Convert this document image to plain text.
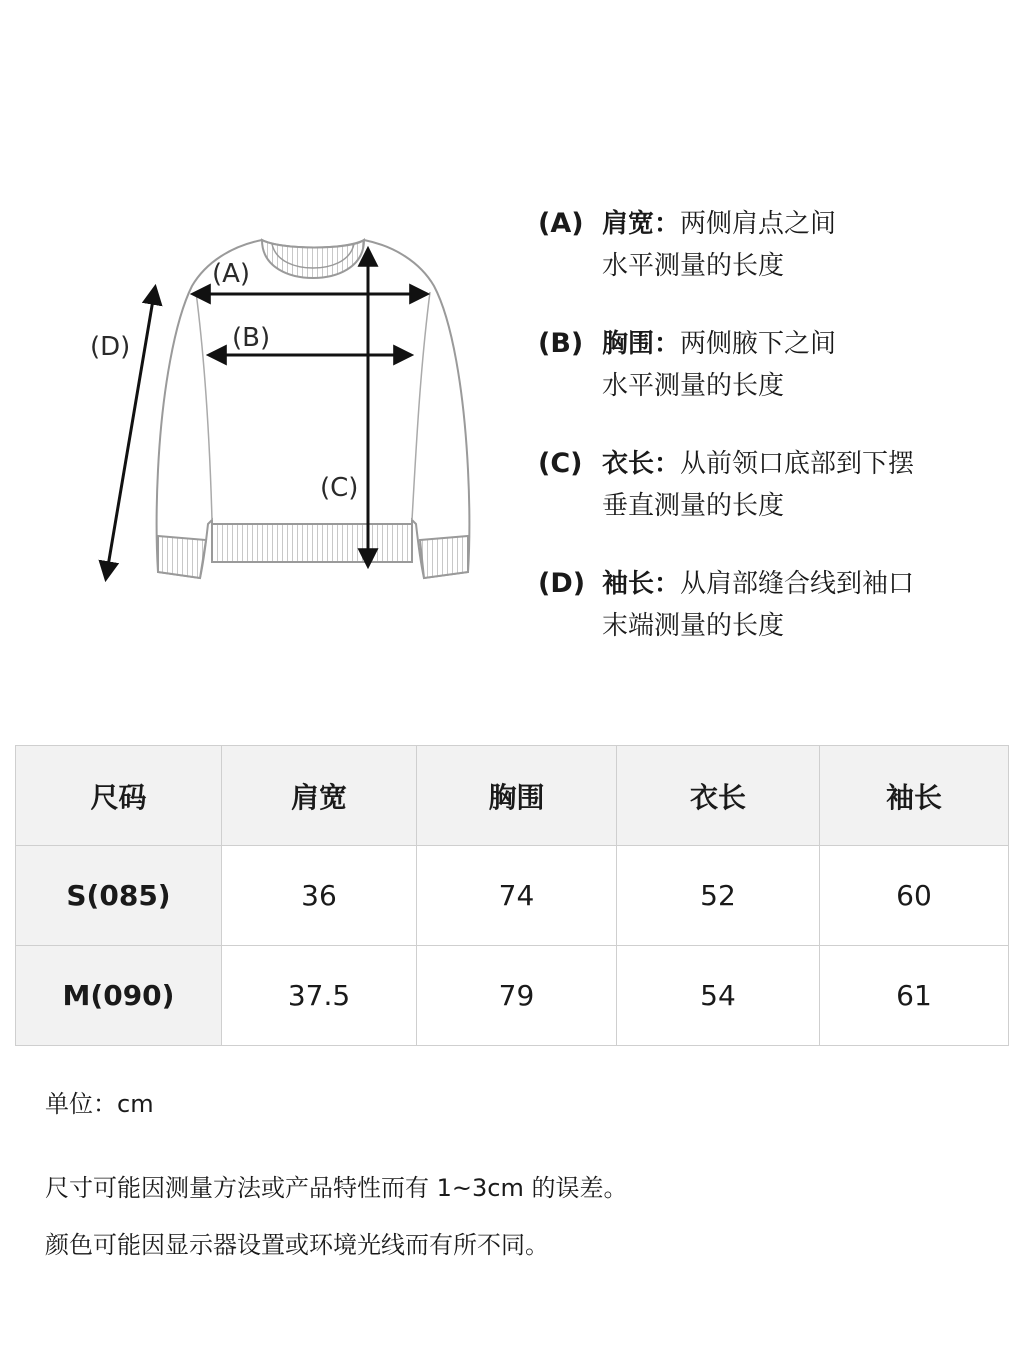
(A)
(B)
(C)
(D)
(A) 肩宽：两侧肩点之间
水平测量的长度
(B) 胸围：两侧腋下之间
水平测量的长度
(C) 衣长：从前领口底部到下摆
垂直测量的长度
(D) 袖长：从肩部缝合线到袖口
末端测量的长度
尺码	肩宽	胸围	衣长	袖长
S(085)	36	74	52	60
M(090)	37.5	79	54	61
单位：cm
尺寸可能因测量方法或产品特性而有 1~3cm 的误差。
颜色可能因显示器设置或环境光线而有所不同。
